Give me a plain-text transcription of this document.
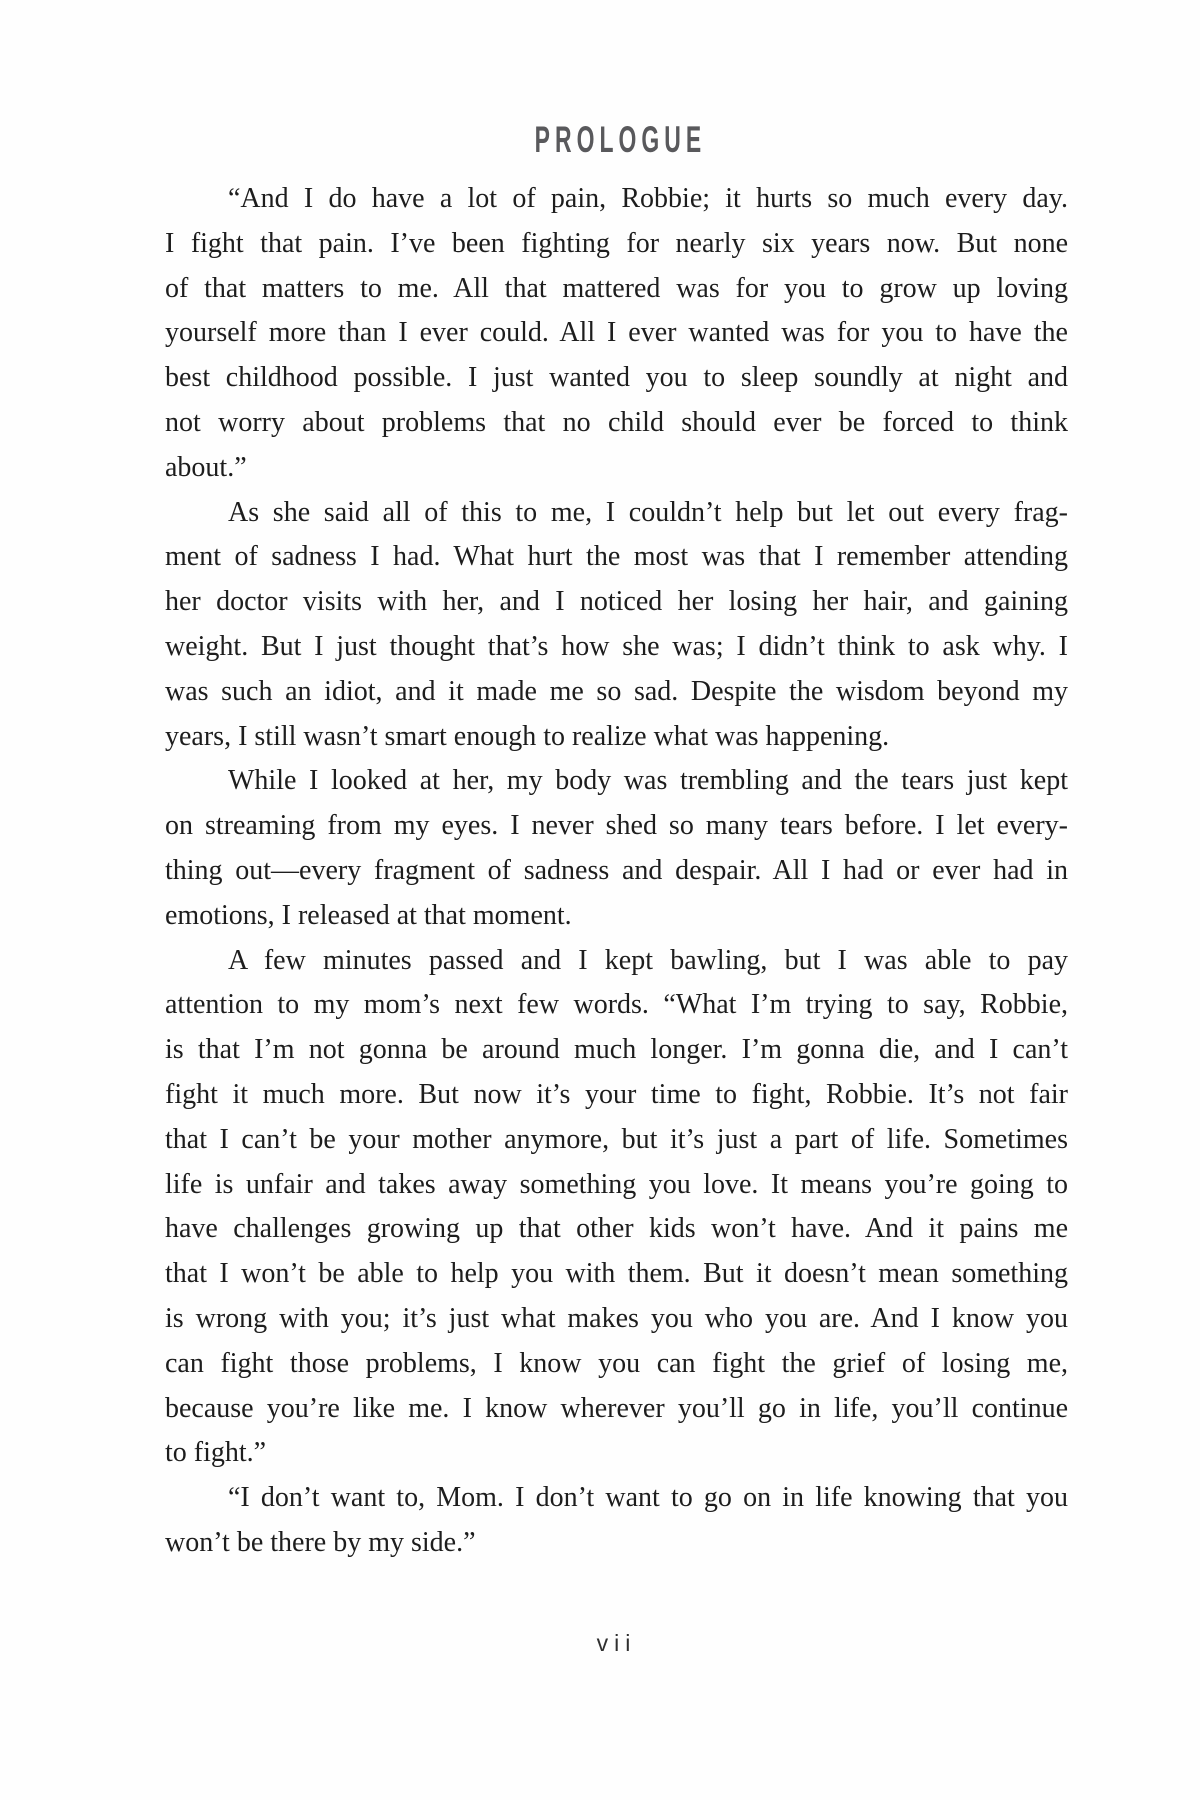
PROLOGUE
“And I do have a lot of pain, Robbie; it hurts so much every day.
I fight that pain. I’ve been fighting for nearly six years now. But none
of that matters to me. All that mattered was for you to grow up loving
yourself more than I ever could. All I ever wanted was for you to have the
best childhood possible. I just wanted you to sleep soundly at night and
not worry about problems that no child should ever be forced to think
about.”
As she said all of this to me, I couldn’t help but let out every frag-
ment of sadness I had. What hurt the most was that I remember attending
her doctor visits with her, and I noticed her losing her hair, and gaining
weight. But I just thought that’s how she was; I didn’t think to ask why. I
was such an idiot, and it made me so sad. Despite the wisdom beyond my
years, I still wasn’t smart enough to realize what was happening.
While I looked at her, my body was trembling and the tears just kept
on streaming from my eyes. I never shed so many tears before. I let every-
thing out—every fragment of sadness and despair. All I had or ever had in
emotions, I released at that moment.
A few minutes passed and I kept bawling, but I was able to pay
attention to my mom’s next few words. “What I’m trying to say, Robbie,
is that I’m not gonna be around much longer. I’m gonna die, and I can’t
fight it much more. But now it’s your time to fight, Robbie. It’s not fair
that I can’t be your mother anymore, but it’s just a part of life. Sometimes
life is unfair and takes away something you love. It means you’re going to
have challenges growing up that other kids won’t have. And it pains me
that I won’t be able to help you with them. But it doesn’t mean something
is wrong with you; it’s just what makes you who you are. And I know you
can fight those problems, I know you can fight the grief of losing me,
because you’re like me. I know wherever you’ll go in life, you’ll continue
to fight.”
“I don’t want to, Mom. I don’t want to go on in life knowing that you
won’t be there by my side.”
vii
